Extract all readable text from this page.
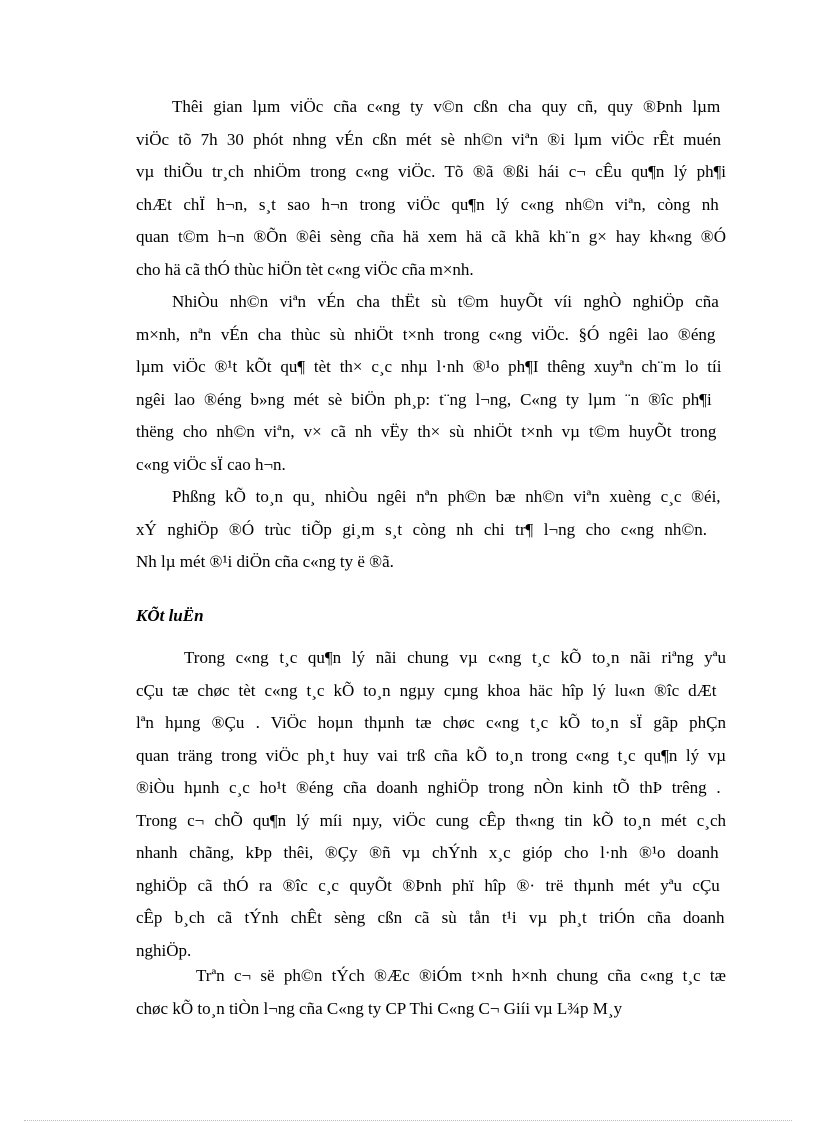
Thêi gian lµm viÖc cña c«ng ty v©n cßn cha quy cñ, quy ®Þnh lµm
viÖc tõ 7h 30 phót nhng vÉn cßn mét sè nh©n viªn ®i lµm viÖc rÊt muén
vµ thiÕu tr¸ch nhiÖm trong c«ng viÖc. Tõ ®ã ®ßi hái c¬ cÊu qu¶n lý ph¶i
chÆt chÏ h¬n, s¸t sao h¬n trong viÖc qu¶n lý c«ng nh©n viªn, còng nh
quan t©m h¬n ®Õn ®êi sèng cña hä xem hä cã khã kh¨n g× hay kh«ng ®Ó
cho hä cã thÓ thùc hiÖn tèt c«ng viÖc cña m×nh.
NhiÒu nh©n viªn vÉn cha thËt sù t©m huyÕt víi nghÒ nghiÖp cña
m×nh, nªn vÉn cha thùc sù nhiÖt t×nh trong c«ng viÖc. §Ó ngêi lao ®éng
lµm viÖc ®¹t kÕt qu¶ tèt th× c¸c nhµ l·nh ®¹o ph¶I thêng xuyªn ch¨m lo tíi
ngêi lao ®éng b»ng mét sè biÖn ph¸p: t¨ng l¬ng, C«ng ty lµm ¨n ®îc ph¶i
thëng cho nh©n viªn, v× cã nh vËy th× sù nhiÖt t×nh vµ t©m huyÕt trong
c«ng viÖc sÏ cao h¬n.
Phßng kÕ to¸n qu¸ nhiÒu ngêi nªn ph©n bæ nh©n viªn xuèng c¸c ®éi,
xÝ nghiÖp ®Ó trùc tiÕp gi¸m s¸t còng nh chi tr¶ l¬ng cho c«ng nh©n.
Nh lµ mét ®¹i diÖn cña c«ng ty ë ®ã.
KÕt luËn
Trong c«ng t¸c qu¶n lý nãi chung vµ c«ng t¸c kÕ to¸n nãi riªng yªu
cÇu tæ chøc tèt c«ng t¸c kÕ to¸n ngµy cµng khoa häc hîp lý lu«n ®îc dÆt
lªn hµng ®Çu . ViÖc hoµn thµnh tæ chøc c«ng t¸c kÕ to¸n sÏ gãp phÇn
quan träng trong viÖc ph¸t huy vai trß cña kÕ to¸n trong c«ng t¸c qu¶n lý vµ
®iÒu hµnh c¸c ho¹t ®éng cña doanh nghiÖp trong nÒn kinh tÕ thÞ trêng .
Trong c¬ chÕ qu¶n lý míi nµy, viÖc cung cÊp th«ng tin kÕ to¸n mét c¸ch
nhanh chãng, kÞp thêi, ®Çy ®ñ vµ chÝnh x¸c gióp cho l·nh ®¹o doanh
nghiÖp cã thÓ ra ®îc c¸c quyÕt ®Þnh phï hîp ®· trë thµnh mét yªu cÇu
cÊp b¸ch cã tÝnh chÊt sèng cßn cã sù tån t¹i vµ ph¸t triÓn cña doanh
nghiÖp.
Trªn c¬ së ph©n tÝch ®Æc ®iÓm t×nh h×nh chung cña c«ng t¸c tæ
chøc kÕ to¸n tiÒn l¬ng cña C«ng ty CP Thi C«ng C¬ Giíi vµ L¾p M¸y
